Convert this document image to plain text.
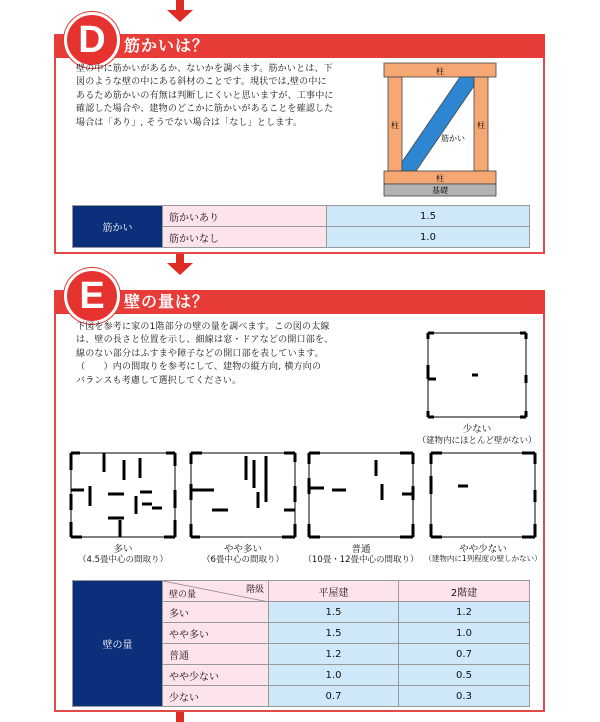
D	筋かいは？
壁の中に筋かいがあるか、ないかを調べます。筋かいとは、下
図のような壁の中にある斜材のことです。現状では,壁の中に
あるため筋かいの有無は判断しにくいと思いますが、工事中に
確認した場合や、建物のどこかに筋かいがあることを確認した
場合は「あり」, そうでない場合は「なし」とします。
柱
柱	柱
柱
基礎
筋かい
筋かい	筋かいあり	1.5
	筋かいなし	1.0
E	壁の量は？
下図を参考に家の1階部分の壁の量を調べます。この図の太線
は、壁の長さと位置を示し、細線は窓・ドアなどの開口部を、
線のない部分はふすまや障子などの開口部を表しています。
（　　）内の間取りを参考にして、建物の縦方向, 横方向の
バランスも考慮して選択してください。
少ない
（建物内にほとんど壁がない）
多い
（4.5畳中心の間取り）
やや多い
（6畳中心の間取り）
普通
（10畳・12畳中心の間取り）
やや少ない
（建物内に1列程度の壁しかない）
壁の量	階級
壁の量	平屋建	2階建
	多い	1.5	1.2
	やや多い	1.5	1.0
	普通	1.2	0.7
	やや少ない	1.0	0.5
	少ない	0.7	0.3
